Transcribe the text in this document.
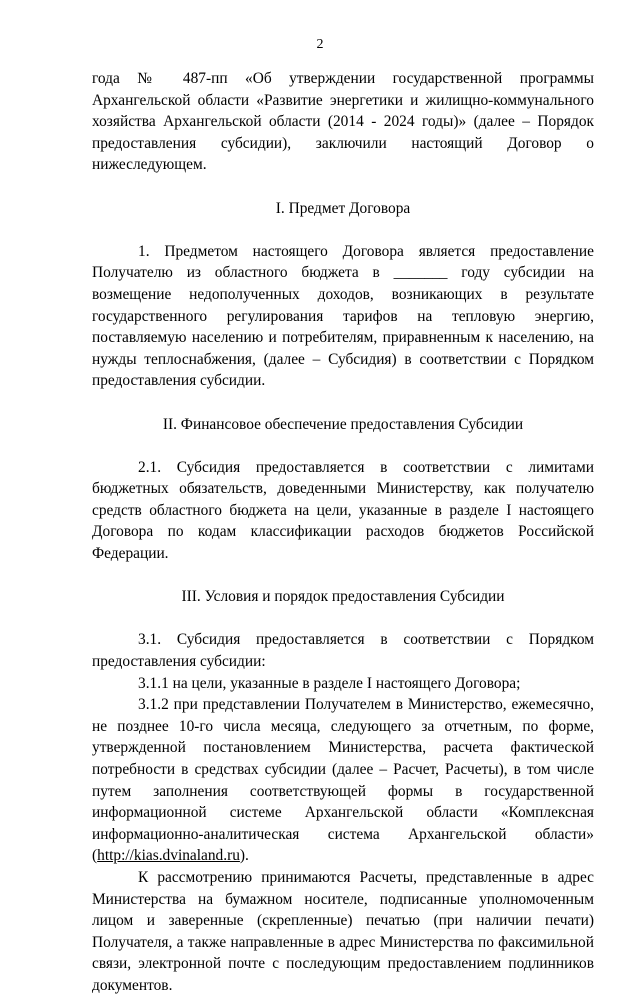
2

года № 487-пп «Об утверждении государственной программы Архангельской области «Развитие энергетики и жилищно-коммунального хозяйства Архангельской области (2014 - 2024 годы)» (далее – Порядок предоставления субсидии), заключили настоящий Договор о нижеследующем.

I. Предмет Договора

1. Предметом настоящего Договора является предоставление Получателю из областного бюджета в _______ году субсидии на возмещение недополученных доходов, возникающих в результате государственного регулирования тарифов на тепловую энергию, поставляемую населению и потребителям, приравненным к населению, на нужды теплоснабжения, (далее – Субсидия) в соответствии с Порядком предоставления субсидии.

II. Финансовое обеспечение предоставления Субсидии

2.1. Субсидия предоставляется в соответствии с лимитами бюджетных обязательств, доведенными Министерству, как получателю средств областного бюджета на цели, указанные в разделе I настоящего Договора по кодам классификации расходов бюджетов Российской Федерации.

III. Условия и порядок предоставления Субсидии

3.1. Субсидия предоставляется в соответствии с Порядком предоставления субсидии:

3.1.1 на цели, указанные в разделе I настоящего Договора;

3.1.2 при представлении Получателем в Министерство, ежемесячно, не позднее 10-го числа месяца, следующего за отчетным, по форме, утвержденной постановлением Министерства, расчета фактической потребности в средствах субсидии (далее – Расчет, Расчеты), в том числе путем заполнения соответствующей формы в государственной информационной системе Архангельской области «Комплексная информационно-аналитическая система Архангельской области» (http://kias.dvinaland.ru).

К рассмотрению принимаются Расчеты, представленные в адрес Министерства на бумажном носителе, подписанные уполномоченным лицом и заверенные (скрепленные) печатью (при наличии печати) Получателя, а также направленные в адрес Министерства по факсимильной связи, электронной почте с последующим предоставлением подлинников документов.
